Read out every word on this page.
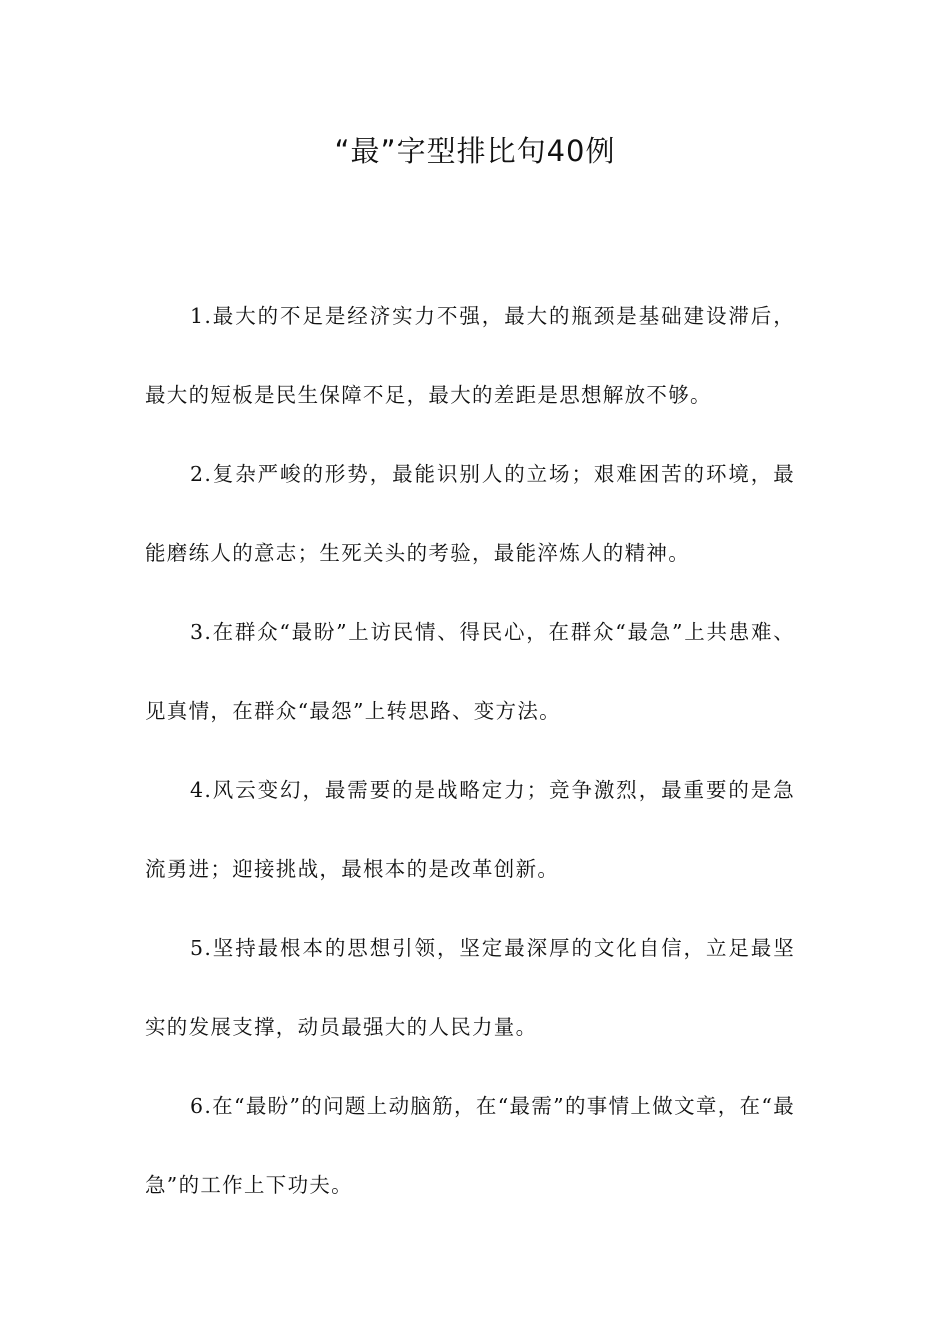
“最”字型排比句40例

1.最大的不足是经济实力不强，最大的瓶颈是基础建设滞后，最大的短板是民生保障不足，最大的差距是思想解放不够。

2.复杂严峻的形势，最能识别人的立场；艰难困苦的环境，最能磨练人的意志；生死关头的考验，最能淬炼人的精神。

3.在群众“最盼”上访民情、得民心，在群众“最急”上共患难、见真情，在群众“最怨”上转思路、变方法。

4.风云变幻，最需要的是战略定力；竞争激烈，最重要的是急流勇进；迎接挑战，最根本的是改革创新。

5.坚持最根本的思想引领，坚定最深厚的文化自信，立足最坚实的发展支撑，动员最强大的人民力量。

6.在“最盼”的问题上动脑筋，在“最需”的事情上做文章，在“最急”的工作上下功夫。
